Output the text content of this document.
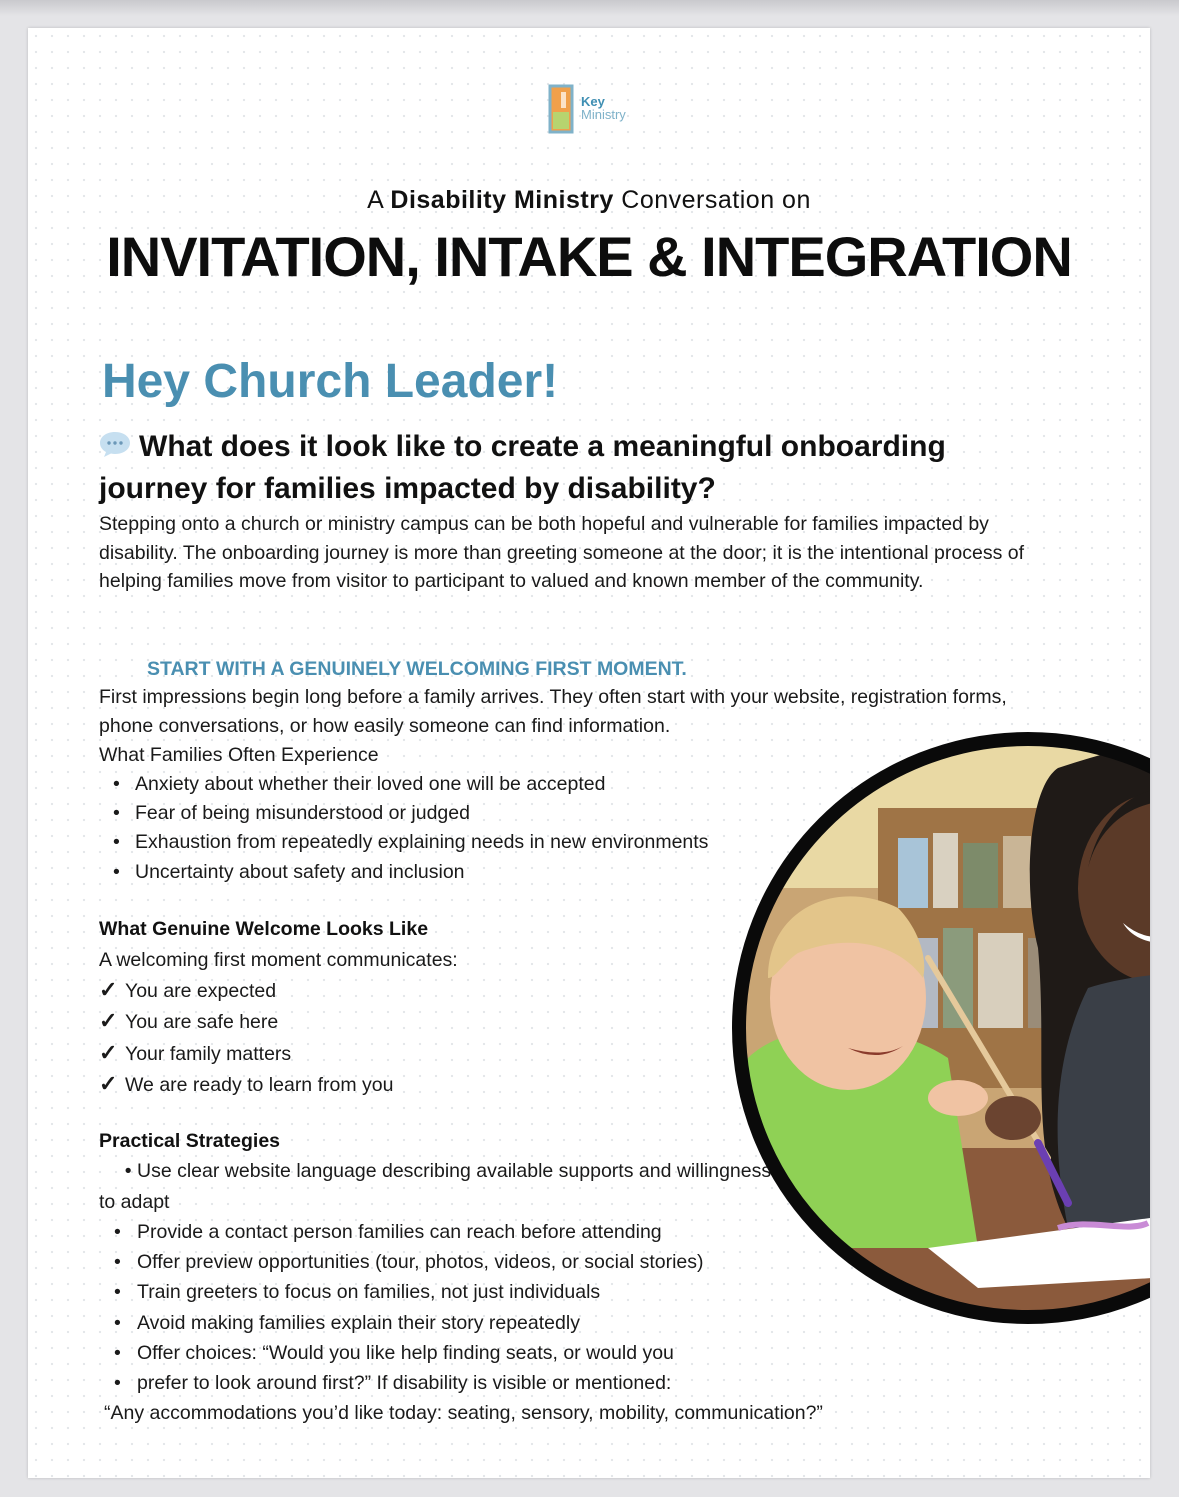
Key
Ministry
A Disability Ministry Conversation on
INVITATION, INTAKE & INTEGRATION
Hey Church Leader!
What does it look like to create a meaningful onboarding journey for families impacted by disability?
Stepping onto a church or ministry campus can be both hopeful and vulnerable for families impacted by disability. The onboarding journey is more than greeting someone at the door; it is the intentional process of helping families move from visitor to participant to valued and known member of the community.
START WITH A GENUINELY WELCOMING FIRST MOMENT.
First impressions begin long before a family arrives. They often start with your website, registration forms, phone conversations, or how easily someone can find information.
What Families Often Experience
• Anxiety about whether their loved one will be accepted
• Fear of being misunderstood or judged
• Exhaustion from repeatedly explaining needs in new environments
• Uncertainty about safety and inclusion
What Genuine Welcome Looks Like
A welcoming first moment communicates:
✓ You are expected
✓ You are safe here
✓ Your family matters
✓ We are ready to learn from you
Practical Strategies
• Use clear website language describing available supports and willingness to adapt
• Provide a contact person families can reach before attending
• Offer preview opportunities (tour, photos, videos, or social stories)
• Train greeters to focus on families, not just individuals
• Avoid making families explain their story repeatedly
• Offer choices: “Would you like help finding seats, or would you
• prefer to look around first?” If disability is visible or mentioned:
“Any accommodations you’d like today: seating, sensory, mobility, communication?”
